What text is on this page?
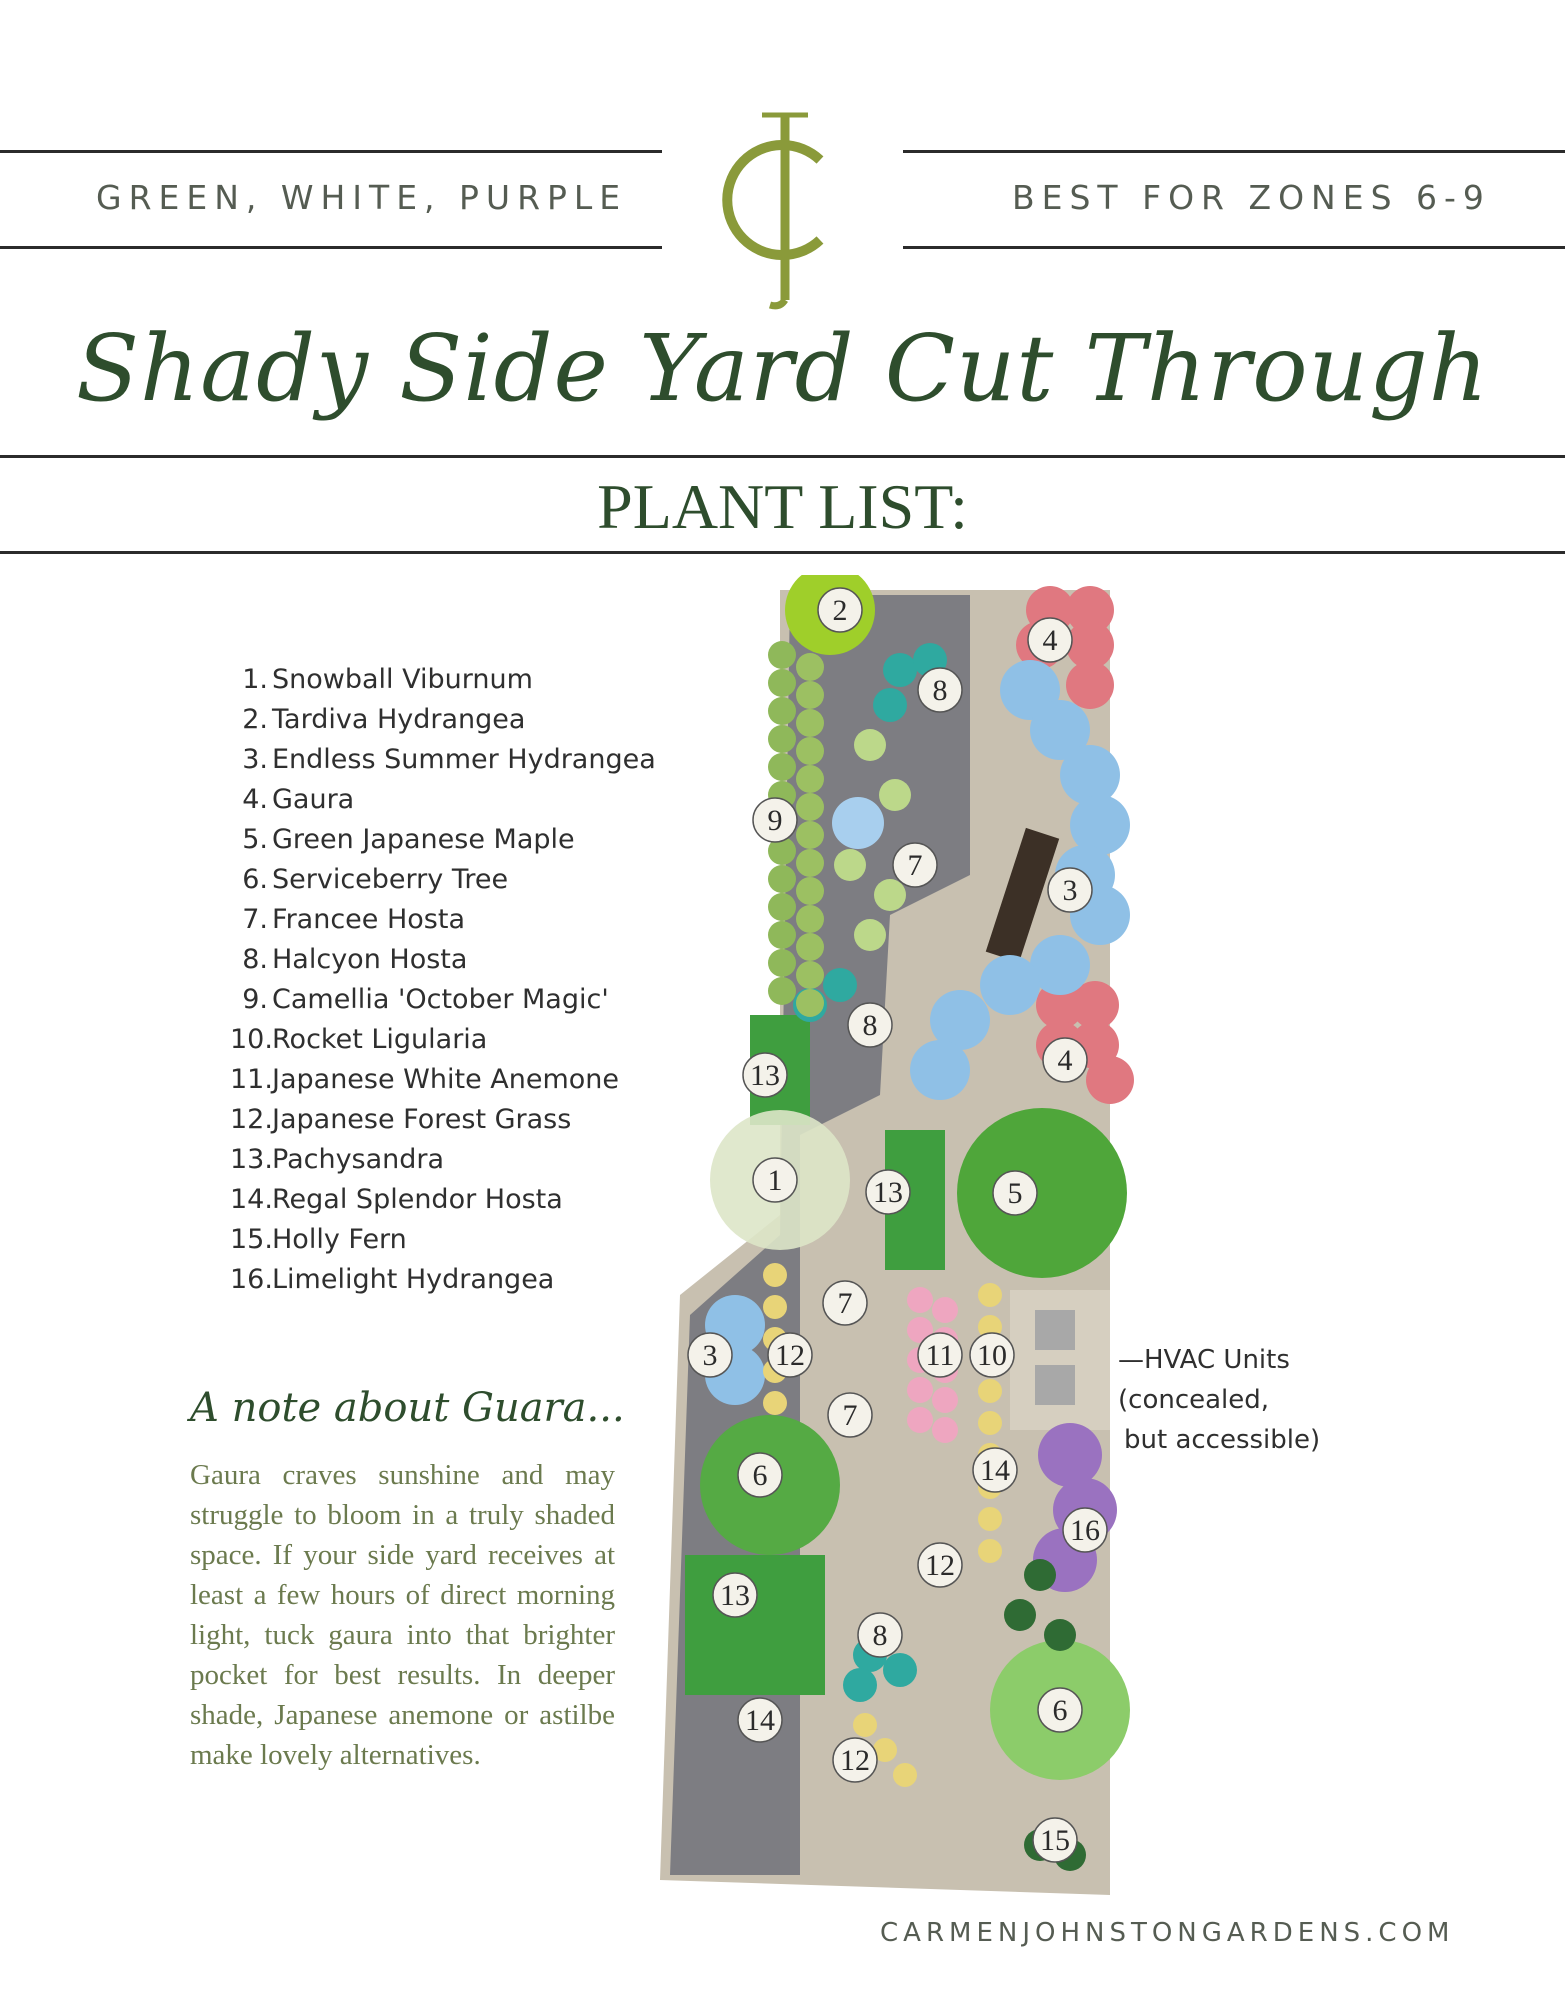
GREEN, WHITE, PURPLE	BEST FOR ZONES 6-9
Shady Side Yard Cut Through
PLANT LIST:
1. Snowball Viburnum
2. Tardiva Hydrangea
3. Endless Summer Hydrangea
4. Gaura
5. Green Japanese Maple
6. Serviceberry Tree
7. Francee Hosta
8. Halcyon Hosta
9. Camellia 'October Magic'
10. Rocket Ligularia
11. Japanese White Anemone
12. Japanese Forest Grass
13. Pachysandra
14. Regal Splendor Hosta
15. Holly Fern
16. Limelight Hydrangea
A note about Guara...
Gaura craves sunshine and may struggle to bloom in a truly shaded space. If your side yard receives at least a few hours of direct morning light, tuck gaura into that brighter pocket for best results. In deeper shade, Japanese anemone or astilbe make lovely alternatives.
2
4
8
9
7
3
8
4
13
1	13	5
7
3 12	11 10
7
14
16
6
12
13
8
14	6
12
15
—HVAC Units
(concealed,
but accessible)
CARMENJOHNSTONGARDENS.COM
